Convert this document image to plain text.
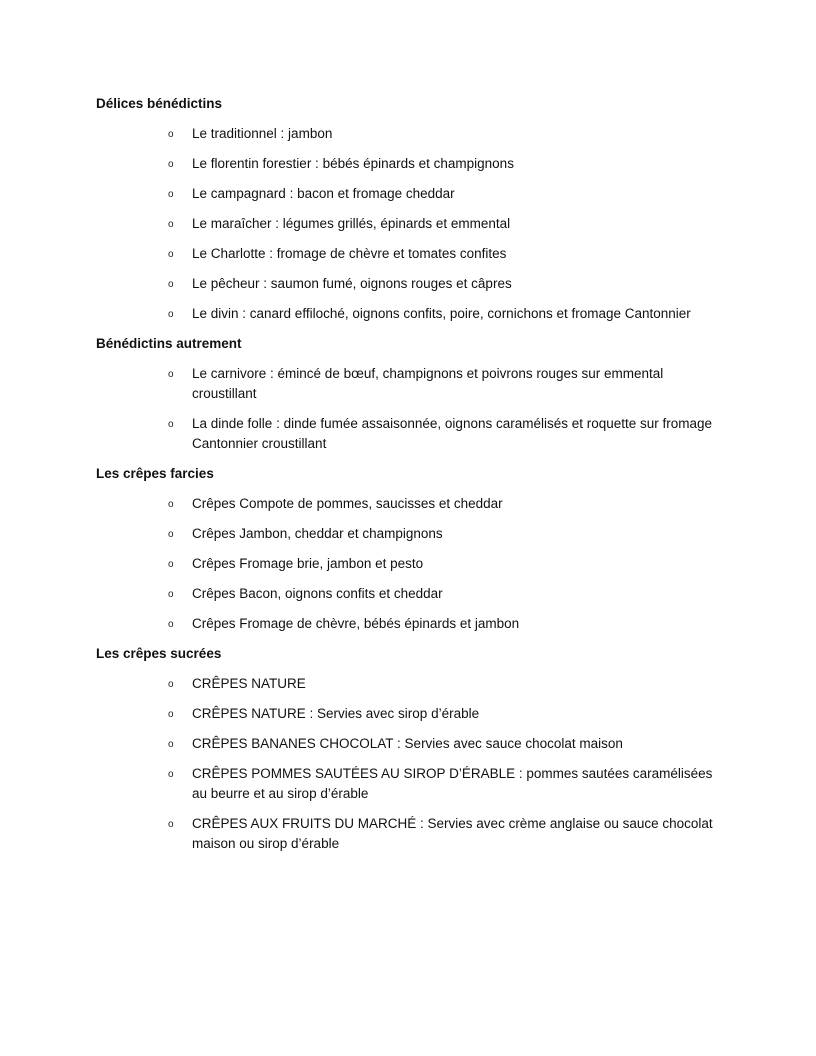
Délices bénédictins
o Le traditionnel : jambon
o Le florentin forestier : bébés épinards et champignons
o Le campagnard : bacon et fromage cheddar
o Le maraîcher : légumes grillés, épinards et emmental
o Le Charlotte : fromage de chèvre et tomates confites
o Le pêcheur : saumon fumé, oignons rouges et câpres
o Le divin : canard effiloché, oignons confits, poire, cornichons et fromage Cantonnier
Bénédictins autrement
o Le carnivore : émincé de bœuf, champignons et poivrons rouges sur emmental croustillant
o La dinde folle : dinde fumée assaisonnée, oignons caramélisés et roquette sur fromage Cantonnier croustillant
Les crêpes farcies
o Crêpes Compote de pommes, saucisses et cheddar
o Crêpes Jambon, cheddar et champignons
o Crêpes Fromage brie, jambon et pesto
o Crêpes Bacon, oignons confits et cheddar
o Crêpes Fromage de chèvre, bébés épinards et jambon
Les crêpes sucrées
o CRÊPES NATURE
o CRÊPES NATURE : Servies avec sirop d’érable
o CRÊPES BANANES CHOCOLAT : Servies avec sauce chocolat maison
o CRÊPES POMMES SAUTÉES AU SIROP D’ÉRABLE : pommes sautées caramélisées au beurre et au sirop d’érable
o CRÊPES AUX FRUITS DU MARCHÉ : Servies avec crème anglaise ou sauce chocolat maison ou sirop d’érable
